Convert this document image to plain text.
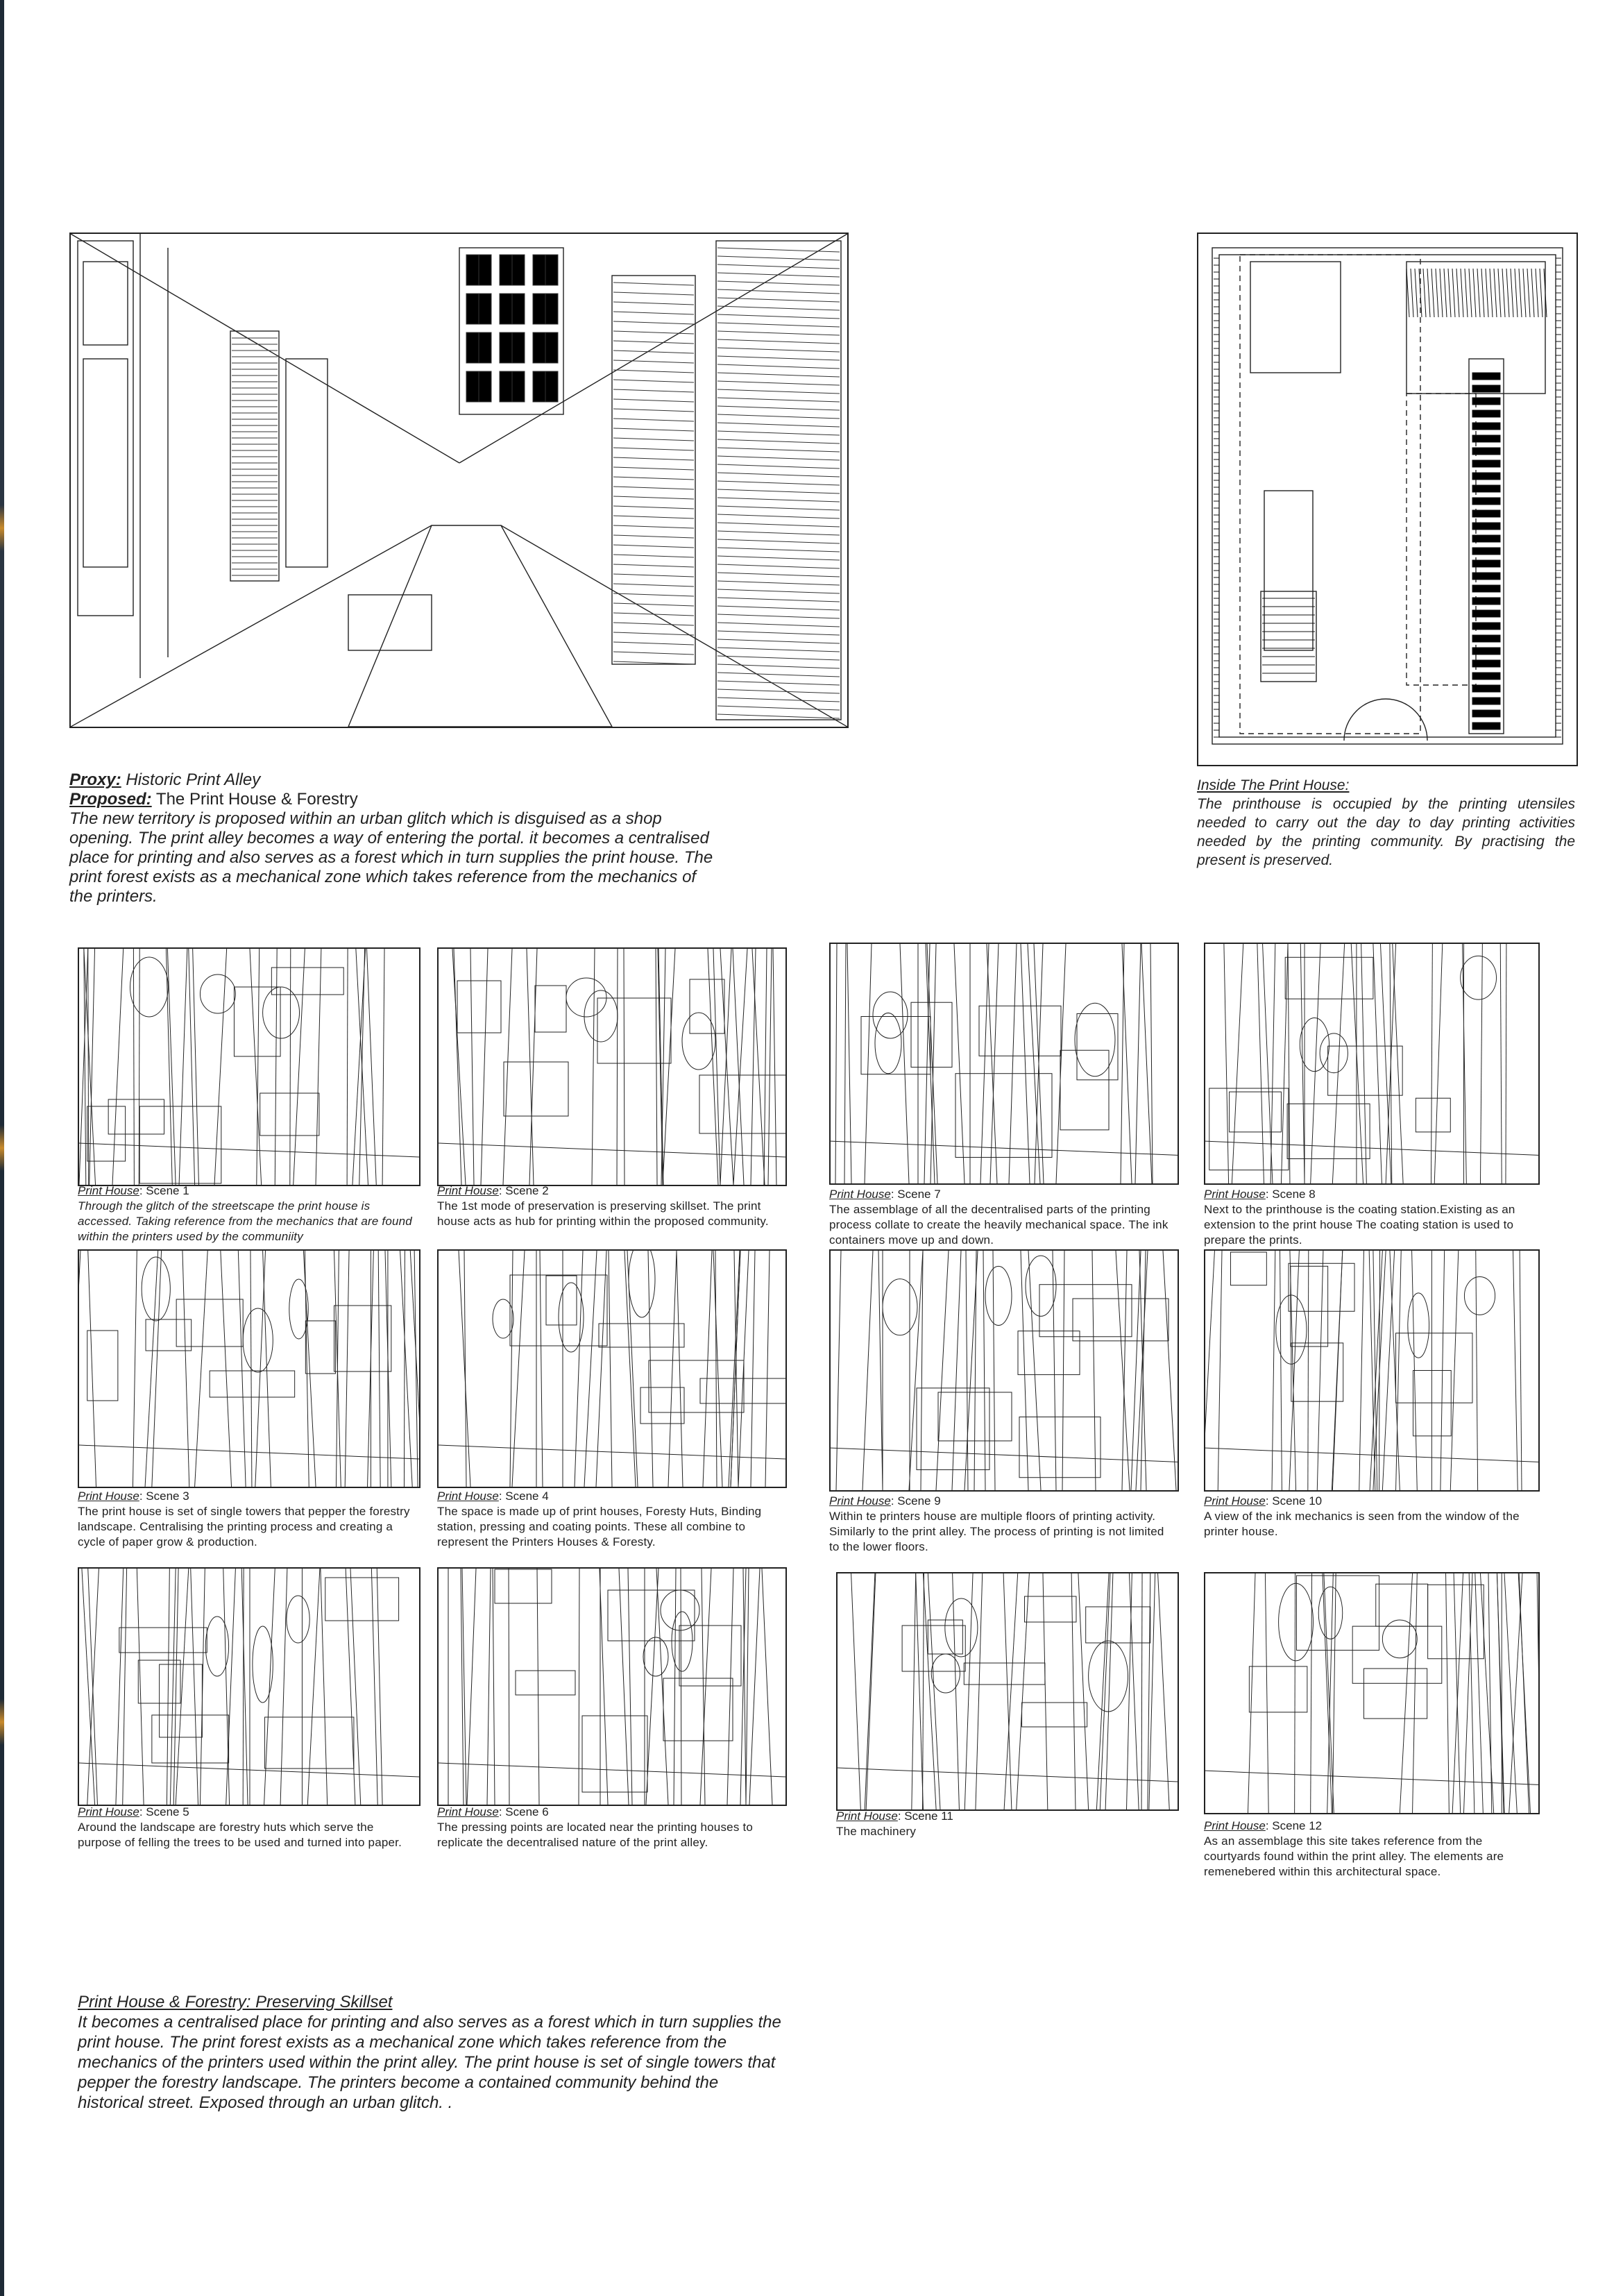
Proxy: Historic Print Alley
Proposed: The Print House & Forestry
The new territory is proposed within an urban glitch which is disguised as a shop opening. The print alley becomes a way of entering the portal. it becomes a centralised place for printing and also serves as a forest which in turn supplies the print house. The print forest exists as a mechanical zone which takes reference from the mechanics of the printers.
Inside The Print House:
The printhouse is occupied by the printing utensiles needed to carry out the day to day printing activities needed by the printing community. By practising the present is preserved.
Print House: Scene 1
Through the glitch of the streetscape the print house is accessed. Taking reference from the mechanics that are found within the printers used by the communiity
Print House: Scene 2
The 1st mode of preservation is preserving skillset. The print house acts as hub for printing within the proposed community.
Print House: Scene 3
The print house is set of single towers that pepper the forestry landscape. Centralising the printing process and creating a cycle of paper grow & production.
Print House: Scene 4
The space is made up of print houses, Foresty Huts, Binding station, pressing and coating points. These all combine to represent the Printers Houses & Foresty.
Print House: Scene 5
Around the landscape are forestry huts which serve the purpose of felling the trees to be used and turned into paper.
Print House: Scene 6
The pressing points are located near the printing houses to replicate the decentralised nature of the print alley.
Print House: Scene 7
The assemblage of all the decentralised parts of the printing process collate to create the heavily mechanical space. The ink containers move up and down.
Print House: Scene 8
Next to the printhouse is the coating station.Existing as an extension to the print house The coating station is used to prepare the prints.
Print House: Scene 9
Within te printers house are multiple floors of printing activity. Similarly to the print alley. The process of printing is not limited to the lower floors.
Print House: Scene 10
A view of the ink mechanics is seen from the window of the printer house.
Print House: Scene 11
The machinery	Print House: Scene 12
As an assemblage this site takes reference from the courtyards found within the print alley. The elements are remenebered within this architectural space.
Print House & Forestry: Preserving Skillset
It becomes a centralised place for printing and also serves as a forest which in turn supplies the print house. The print forest exists as a mechanical zone which takes reference from the mechanics of the printers used within the print alley. The print house is set of single towers that pepper the forestry landscape. The printers become a contained community behind the historical street. Exposed through an urban glitch. .
